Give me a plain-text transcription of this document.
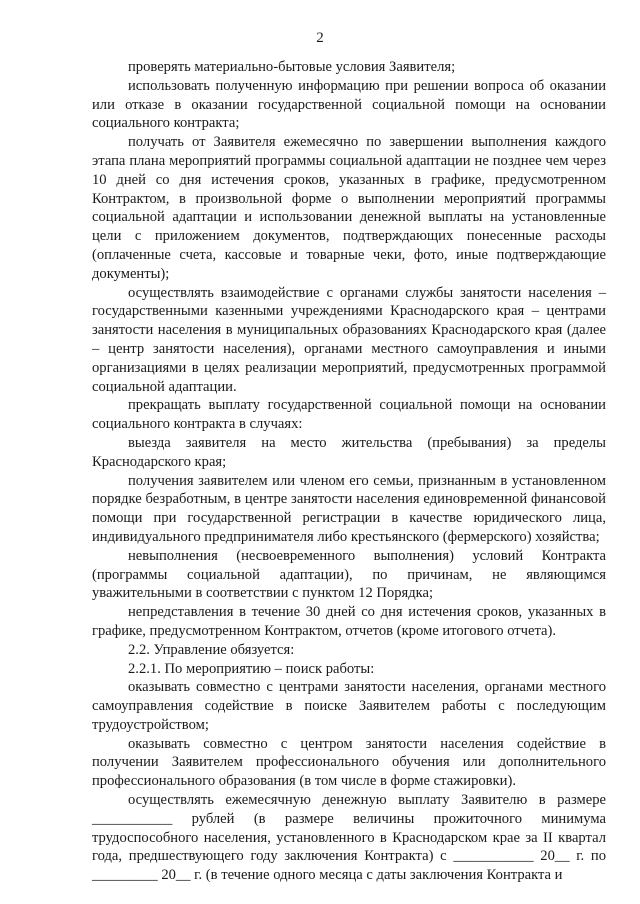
2

проверять материально-бытовые условия Заявителя;

использовать полученную информацию при решении вопроса об оказании или отказе в оказании государственной социальной помощи на основании социального контракта;

получать от Заявителя ежемесячно по завершении выполнения каждого этапа плана мероприятий программы социальной адаптации не позднее чем через 10 дней со дня истечения сроков, указанных в графике, предусмотренном Контрактом, в произвольной форме о выполнении мероприятий программы социальной адаптации и использовании денежной выплаты на установленные цели с приложением документов, подтверждающих понесенные расходы (оплаченные счета, кассовые и товарные чеки, фото, иные подтверждающие документы);

осуществлять взаимодействие с органами службы занятости населения – государственными казенными учреждениями Краснодарского края – центрами занятости населения в муниципальных образованиях Краснодарского края (далее – центр занятости населения), органами местного самоуправления и иными организациями в целях реализации мероприятий, предусмотренных программой социальной адаптации.

прекращать выплату государственной социальной помощи на основании социального контракта в случаях:

выезда заявителя на место жительства (пребывания) за пределы Краснодарского края;

получения заявителем или членом его семьи, признанным в установленном порядке безработным, в центре занятости населения единовременной финансовой помощи при государственной регистрации в качестве юридического лица, индивидуального предпринимателя либо крестьянского (фермерского) хозяйства;

невыполнения (несвоевременного выполнения) условий Контракта (программы социальной адаптации), по причинам, не являющимся уважительными в соответствии с пунктом 12 Порядка;

непредставления в течение 30 дней со дня истечения сроков, указанных в графике, предусмотренном Контрактом, отчетов (кроме итогового отчета).

2.2. Управление обязуется:

2.2.1. По мероприятию – поиск работы:

оказывать совместно с центрами занятости населения, органами местного самоуправления содействие в поиске Заявителем работы с последующим трудоустройством;

оказывать совместно с центром занятости населения содействие в получении Заявителем профессионального обучения или дополнительного профессионального образования (в том числе в форме стажировки).

осуществлять ежемесячную денежную выплату Заявителю в размере ___________ рублей (в размере величины прожиточного минимума трудоспособного населения, установленного в Краснодарском крае за II квартал года, предшествующего году заключения Контракта) с ___________ 20__ г. по _________ 20__ г. (в течение одного месяца с даты заключения Контракта и
